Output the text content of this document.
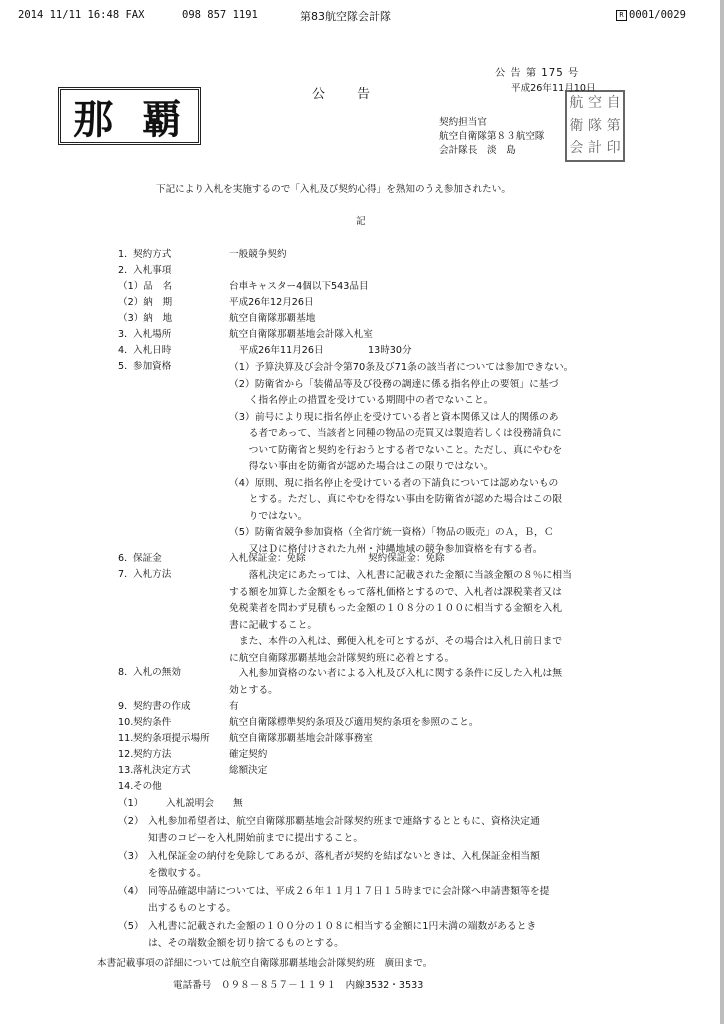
2014 11/11 16:48 FAX	098 857 1191	第83航空隊会計隊	R 0001/0029
那 覇
公 告 第 175 号
公　　告	平成26年11月10日
契約担当官
航空自衛隊第８３航空隊
会計隊長　淡　島　　　　
航 空 自
衛 隊 第
会 計 印
下記により入札を実施するので「入札及び契約心得」を熟知のうえ参加されたい。
記
1． 契約方式	一般競争契約
2． 入札事項
（1）品　名	台車キャスター4個以下543品目
（2）納　期	平成26年12月26日
（3）納　地	航空自衛隊那覇基地
3． 入札場所	航空自衛隊那覇基地会計隊入札室
4． 入札日時	平成26年11月26日	13時30分
5． 参加資格	（1）予算決算及び会計令第70条及び71条の該当者については参加できない。
（2）防衛省から「装備品等及び役務の調達に係る指名停止の要領」に基づ
　　く指名停止の措置を受けている期間中の者でないこと。
（3）前号により現に指名停止を受けている者と資本関係又は人的関係のあ
　　る者であって、当該者と同種の物品の売買又は製造若しくは役務請負に
　　ついて防衛省と契約を行おうとする者でないこと。ただし、真にやむを
　　得ない事由を防衛省が認めた場合はこの限りではない。
（4）原則、現に指名停止を受けている者の下請負については認めないもの
　　とする。ただし、真にやむを得ない事由を防衛省が認めた場合はこの限
　　りではない。
（5）防衛省競争参加資格（全省庁統一資格）「物品の販売」のＡ，Ｂ，Ｃ
　　又はＤに格付けされた九州・沖縄地域の競争参加資格を有する者。
6． 保証金	入札保証金：免除	契約保証金：免除
7． 入札方法	　　落札決定にあたっては、入札書に記載された金額に当該金額の８％に相当
する額を加算した金額をもって落札価格とするので、入札者は課税業者又は
免税業者を問わず見積もった金額の１０８分の１００に相当する金額を入札
書に記載すること。
　また、本件の入札は、郵便入札を可とするが、その場合は入札日前日まで
に航空自衛隊那覇基地会計隊契約班に必着とする。
8． 入札の無効	　入札参加資格のない者による入札及び入札に関する条件に反した入札は無
効とする。
9． 契約書の作成	有
10. 契約条件	航空自衛隊標準契約条項及び適用契約条項を参照のこと。
11. 契約条項提示場所 航空自衛隊那覇基地会計隊事務室
12. 契約方法	確定契約
13. 落札決定方式	総額決定
14. その他
（1） 入札説明会　　無
（2） 入札参加希望者は、航空自衛隊那覇基地会計隊契約班まで連絡するとともに、資格決定通
知書のコピーを入札開始前までに提出すること。
（3） 入札保証金の納付を免除してあるが、落札者が契約を結ばないときは、入札保証金相当額
を徴収する。
（4） 同等品確認申請については、平成２６年１１月１７日１５時までに会計隊へ申請書類等を提
出するものとする。
（5） 入札書に記載された金額の１００分の１０８に相当する金額に1円未満の端数があるとき
は、その端数金額を切り捨てるものとする。
本書記載事項の詳細については航空自衛隊那覇基地会計隊契約班　廣田まで。
電話番号　０９８－８５７－１１９１　内線3532・3533
